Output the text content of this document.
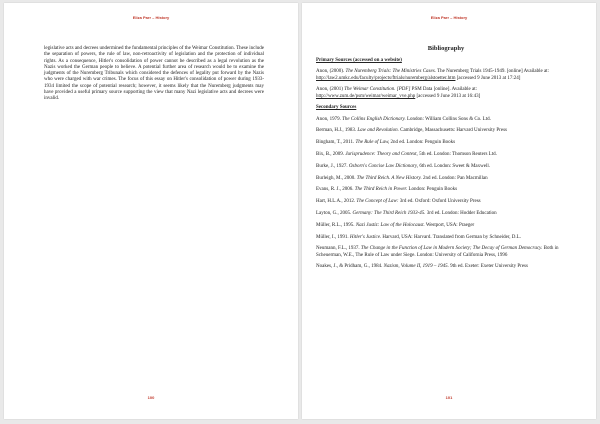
Eliza Parr – History
legislative acts and decrees undermined the fundamental principles of the Weimar Constitution. These include the separation of powers, the rule of law, non-retroactivity of legislation and the protection of individual rights. As a consequence, Hitler's consolidation of power cannot be described as a legal revolution as the Nazis worked the German people to believe. A potential further area of research would be to examine the judgments of the Nuremberg Tribunals which considered the defences of legality put forward by the Nazis who were charged with war crimes. The focus of this essay on Hitler's consolidation of power during 1933-1934 limited the scope of potential research; however, it seems likely that the Nuremberg judgments may have provided a useful primary source supporting the view that many Nazi legislative acts and decrees were invalid.
100
Eliza Parr – History
Bibliography
Primary Sources (accessed on a website)
Anon, (2000). The Nuremberg Trials: The Ministries Cases. The Nuremberg Trials 1945-1949. [online] Available at: http://law2.umkc.edu/faculty/projects/ftrials/nuremberg/alstoetter.htm [accessed 9 June 2013 at 17:24]
Anon, (2001) The Weimar Constitution. [PDF] PSM Data [online]. Available at: http://www.zum.de/psm/weimar/weimar_vve.php [accessed 9 June 2013 at 16:43]
Secondary Sources
Anon, 1979. The Collins English Dictionary. London: William Collins Sons & Co. Ltd.
Berman, H.J., 1983. Law and Revolution. Cambridge, Massachusetts: Harvard University Press
Bingham, T., 2011. The Rule of Law, 2nd ed. London: Penguin Books
Bix, B., 2009. Jurisprudence: Theory and Context, 5th ed. London: Thomson Reuters Ltd.
Burke, J., 1927. Osborn's Concise Law Dictionary, 6th ed. London: Sweet & Maxwell.
Burleigh, M., 2000. The Third Reich. A New History. 2nd ed. London: Pan Macmillan
Evans, R. J., 2006. The Third Reich in Power. London: Penguin Books
Hart, H.L.A., 2012. The Concept of Law: 3rd ed. Oxford: Oxford University Press
Layton, G., 2005. Germany: The Third Reich 1933-45. 3rd ed. London: Hodder Education
Müller, R.L., 1995. Nazi Justiz: Law of the Holocaust. Westport, USA: Praeger
Müller, I., 1991. Hitler's Justice. Harvard, USA: Harvard. Translated from German by Schneider, D.L.
Neumann, F.L., 1937. The Change in the Function of Law in Modern Society; The Decay of German Democracy. Both in Scheuerman, W.E., The Rule of Law under Siege. London: University of California Press, 1996
Noakes, J., & Pridham, G., 1984. Nazism, Volume II, 1919 – 1945. 9th ed. Exeter: Exeter University Press
101
